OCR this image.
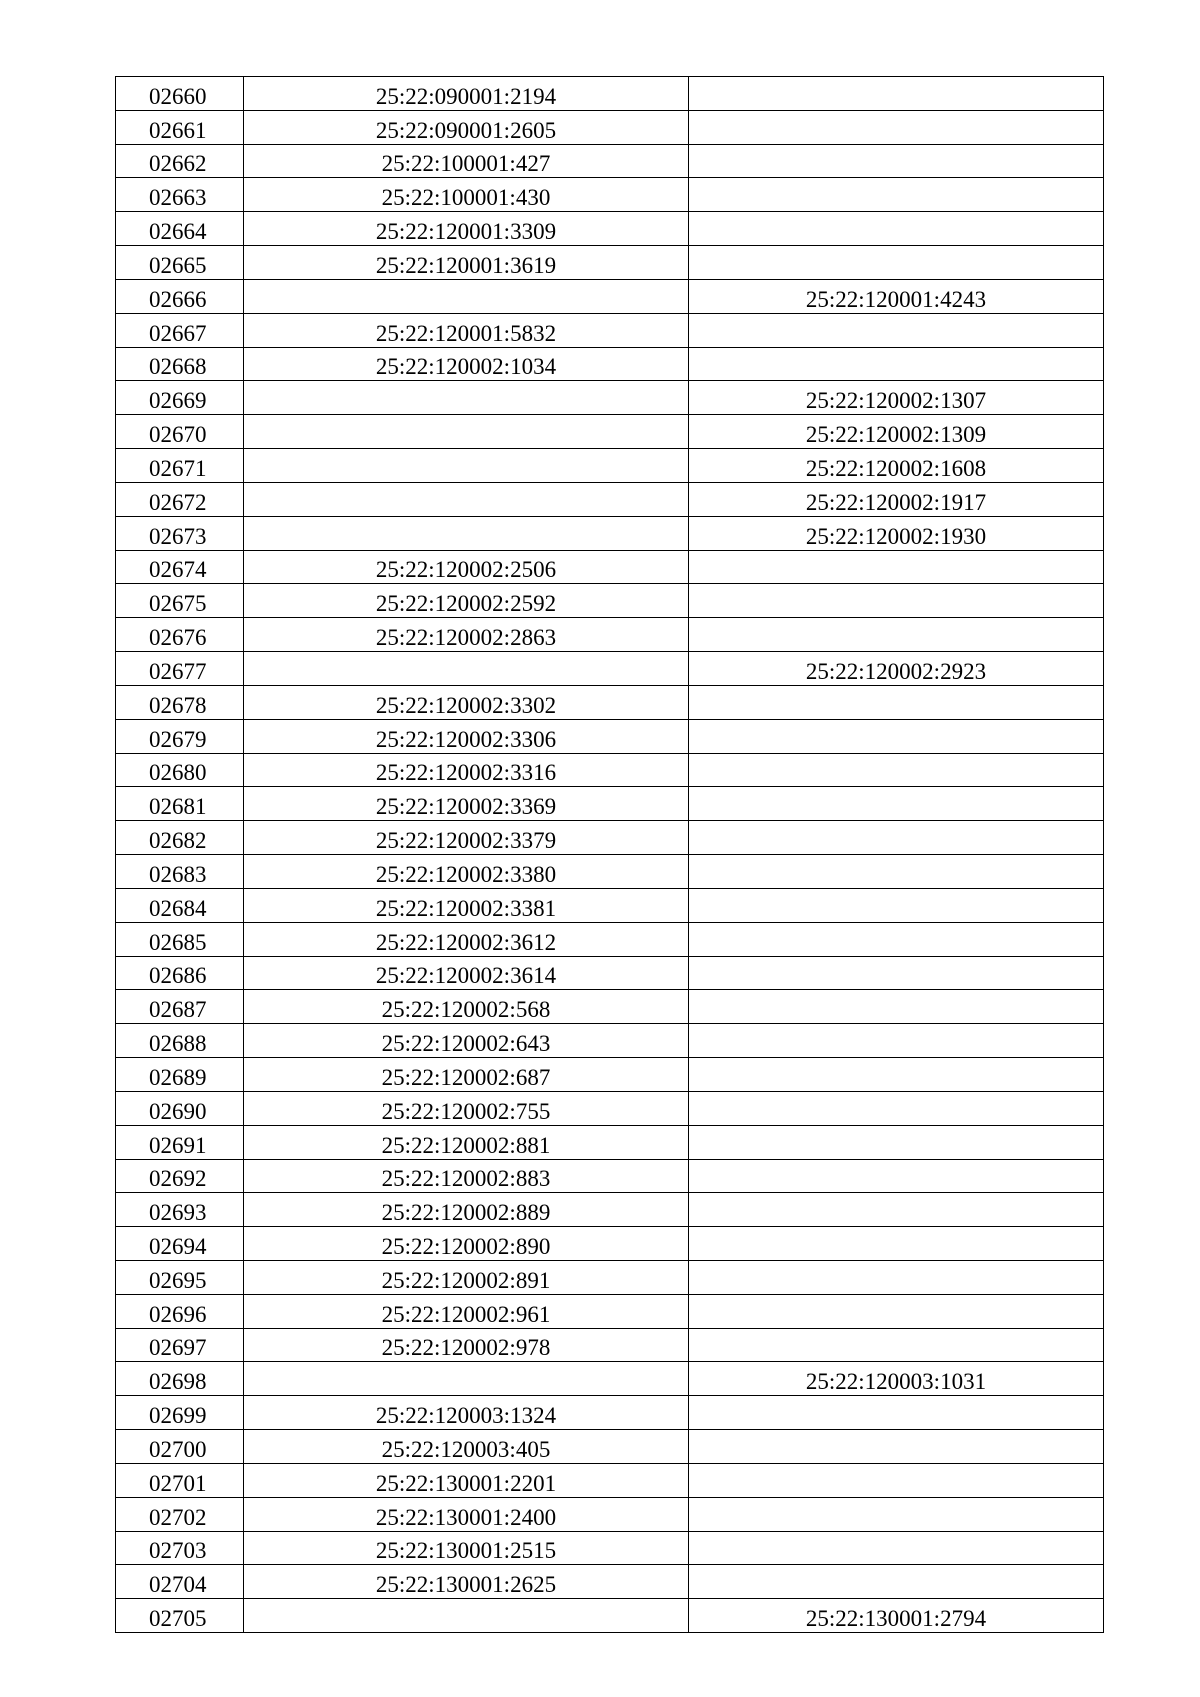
02660	25:22:090001:2194	
02661	25:22:090001:2605	
02662	25:22:100001:427	
02663	25:22:100001:430	
02664	25:22:120001:3309	
02665	25:22:120001:3619	
02666		25:22:120001:4243
02667	25:22:120001:5832	
02668	25:22:120002:1034	
02669		25:22:120002:1307
02670		25:22:120002:1309
02671		25:22:120002:1608
02672		25:22:120002:1917
02673		25:22:120002:1930
02674	25:22:120002:2506	
02675	25:22:120002:2592	
02676	25:22:120002:2863	
02677		25:22:120002:2923
02678	25:22:120002:3302	
02679	25:22:120002:3306	
02680	25:22:120002:3316	
02681	25:22:120002:3369	
02682	25:22:120002:3379	
02683	25:22:120002:3380	
02684	25:22:120002:3381	
02685	25:22:120002:3612	
02686	25:22:120002:3614	
02687	25:22:120002:568	
02688	25:22:120002:643	
02689	25:22:120002:687	
02690	25:22:120002:755	
02691	25:22:120002:881	
02692	25:22:120002:883	
02693	25:22:120002:889	
02694	25:22:120002:890	
02695	25:22:120002:891	
02696	25:22:120002:961	
02697	25:22:120002:978	
02698		25:22:120003:1031
02699	25:22:120003:1324	
02700	25:22:120003:405	
02701	25:22:130001:2201	
02702	25:22:130001:2400	
02703	25:22:130001:2515	
02704	25:22:130001:2625	
02705		25:22:130001:2794
